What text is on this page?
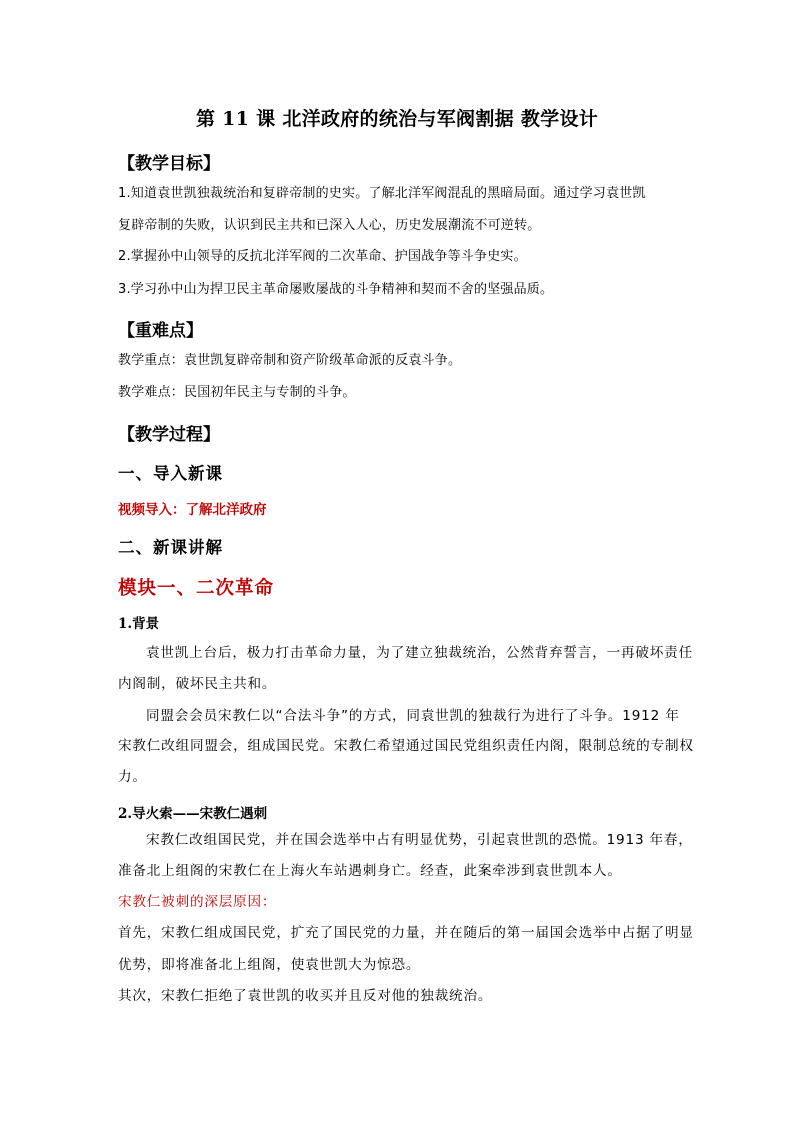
第 11 课 北洋政府的统治与军阀割据 教学设计
【教学目标】
1.知道袁世凯独裁统治和复辟帝制的史实。了解北洋军阀混乱的黑暗局面。通过学习袁世凯
复辟帝制的失败，认识到民主共和已深入人心，历史发展潮流不可逆转。
2.掌握孙中山领导的反抗北洋军阀的二次革命、护国战争等斗争史实。
3.学习孙中山为捍卫民主革命屡败屡战的斗争精神和契而不舍的坚强品质。
【重难点】
教学重点：袁世凯复辟帝制和资产阶级革命派的反袁斗争。
教学难点：民国初年民主与专制的斗争。
【教学过程】
一、导入新课
视频导入：了解北洋政府
二、新课讲解
模块一、二次革命
1.背景
袁世凯上台后，极力打击革命力量，为了建立独裁统治，公然背弃誓言，一再破坏责任
内阁制，破坏民主共和。
同盟会会员宋教仁以“合法斗争”的方式，同袁世凯的独裁行为进行了斗争。1912 年
宋教仁改组同盟会，组成国民党。宋教仁希望通过国民党组织责任内阁，限制总统的专制权
力。
2.导火索——宋教仁遇刺
宋教仁改组国民党，并在国会选举中占有明显优势，引起袁世凯的恐慌。1913 年春，
准备北上组阁的宋教仁在上海火车站遇刺身亡。经查，此案牵涉到袁世凯本人。
宋教仁被刺的深层原因：
首先，宋教仁组成国民党，扩充了国民党的力量，并在随后的第一届国会选举中占据了明显
优势，即将准备北上组阁，使袁世凯大为惊恐。
其次，宋教仁拒绝了袁世凯的收买并且反对他的独裁统治。
